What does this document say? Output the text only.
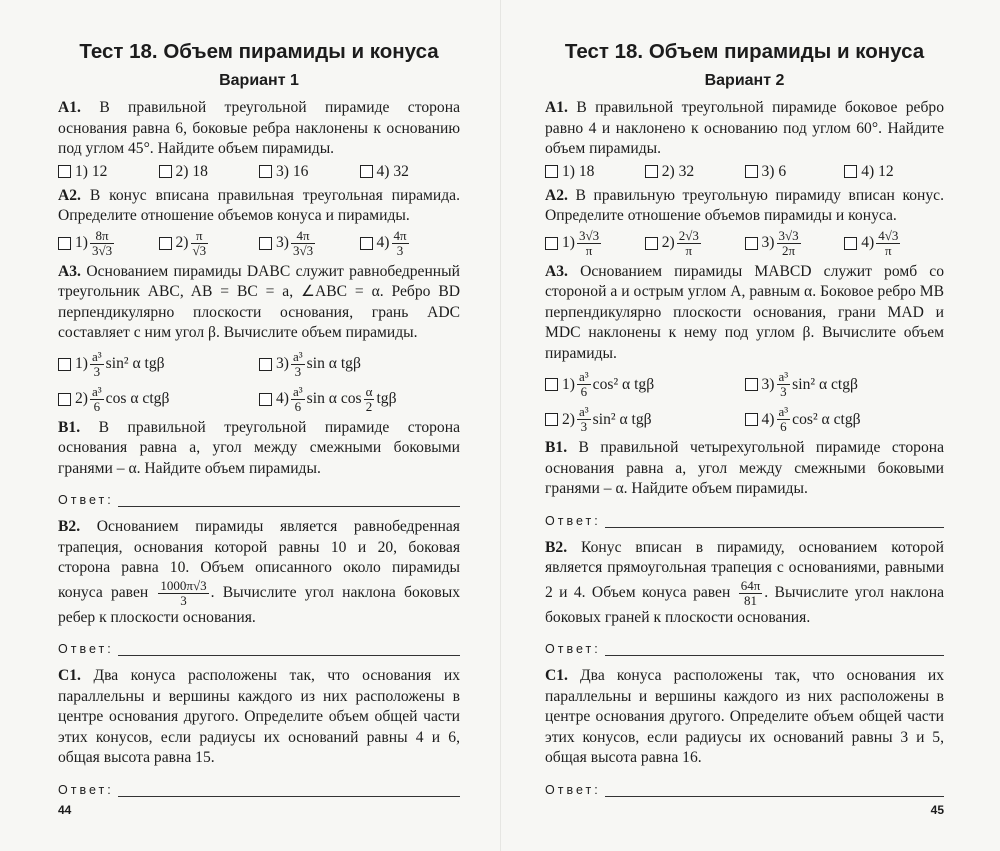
Тест 18. Объем пирамиды и конуса
Вариант 1

А1. В правильной треугольной пирамиде сторона основания равна 6, боковые ребра наклонены к основанию под углом 45°. Найдите объем пирамиды.

1) 12	2) 18	3) 16	4) 32

А2. В конус вписана правильная треугольная пирамида. Определите отношение объемов конуса и пирамиды.

$1) \frac{8\pi}{3√3}$	$2) \frac{\pi}{√3}$	$3) \frac{4\pi}{3√3}$	$4) \frac{4\pi}{3}$

А3. Основанием пирамиды DABC служит равнобедренный треугольник ABC, AB = BC = a, ∠ABC = α. Ребро BD перпендикулярно плоскости основания, грань ADC составляет с ним угол β. Вычислите объем пирамиды.

$1) \frac{\text{a³}}{3} \sin^2$ α tgβ	$3) \frac{\text{a³}}{3}$ sin α tgβ
$2) \frac{\text{a³}}{6}$ cos α ctgβ	$4) \frac{\text{a³}}{6}$ sin α $\cos \frac{\alpha}{2}$ tgβ

В1. В правильной треугольной пирамиде сторона основания равна a, угол между смежными боковыми гранями – α. Найдите объем пирамиды.

Ответ:

В2. Основанием пирамиды является равнобедренная трапеция, основания которой равны 10 и 20, боковая сторона равна 10. Объем описанного около пирамиды конуса равен $\frac{1000\pi√3}{3}$ . Вычислите угол наклона боковых ребер к плоскости основания.

Ответ:

С1. Два конуса расположены так, что основания их параллельны и вершины каждого из них расположены в центре основания другого. Определите объем общей части этих конусов, если радиусы их оснований равны 4 и 6, общая высота равна 15.

Ответ:
44
Тест 18. Объем пирамиды и конуса
Вариант 2

А1. В правильной треугольной пирамиде боковое ребро равно 4 и наклонено к основанию под углом 60°. Найдите объем пирамиды.

1) 18	2) 32	3) 6	4) 12

А2. В правильную треугольную пирамиду вписан конус. Определите отношение объемов пирамиды и конуса.

$1) \frac{3√3}{\pi}$	$2) \frac{2√3}{\pi}$	$3) \frac{3√3}{2\pi}$	$4) \frac{4√3}{\pi}$

А3. Основанием пирамиды MABCD служит ромб со стороной a и острым углом A, равным α. Боковое ребро MB перпендикулярно плоскости основания, грани MAD и MDC наклонены к нему под углом β. Вычислите объем пирамиды.

$1) \frac{\text{a³}}{6} \cos^2$ α tgβ	$3) \frac{\text{a³}}{3} \sin^2$ α ctgβ
$2) \frac{\text{a³}}{3} \sin^2$ α tgβ	$4) \frac{\text{a³}}{6} \cos^2$ α ctgβ

В1. В правильной четырехугольной пирамиде сторона основания равна a, угол между смежными боковыми гранями – α. Найдите объем пирамиды.

Ответ:

В2. Конус вписан в пирамиду, основанием которой является прямоугольная трапеция с основаниями, равными 2 и 4. Объем конуса равен $\frac{64\pi}{81}$ . Вычислите угол наклона боковых граней к плоскости основания.

Ответ:

С1. Два конуса расположены так, что основания их параллельны и вершины каждого из них расположены в центре основания другого. Определите объем общей части этих конусов, если радиусы их оснований равны 3 и 5, общая высота равна 16.

Ответ:
45
